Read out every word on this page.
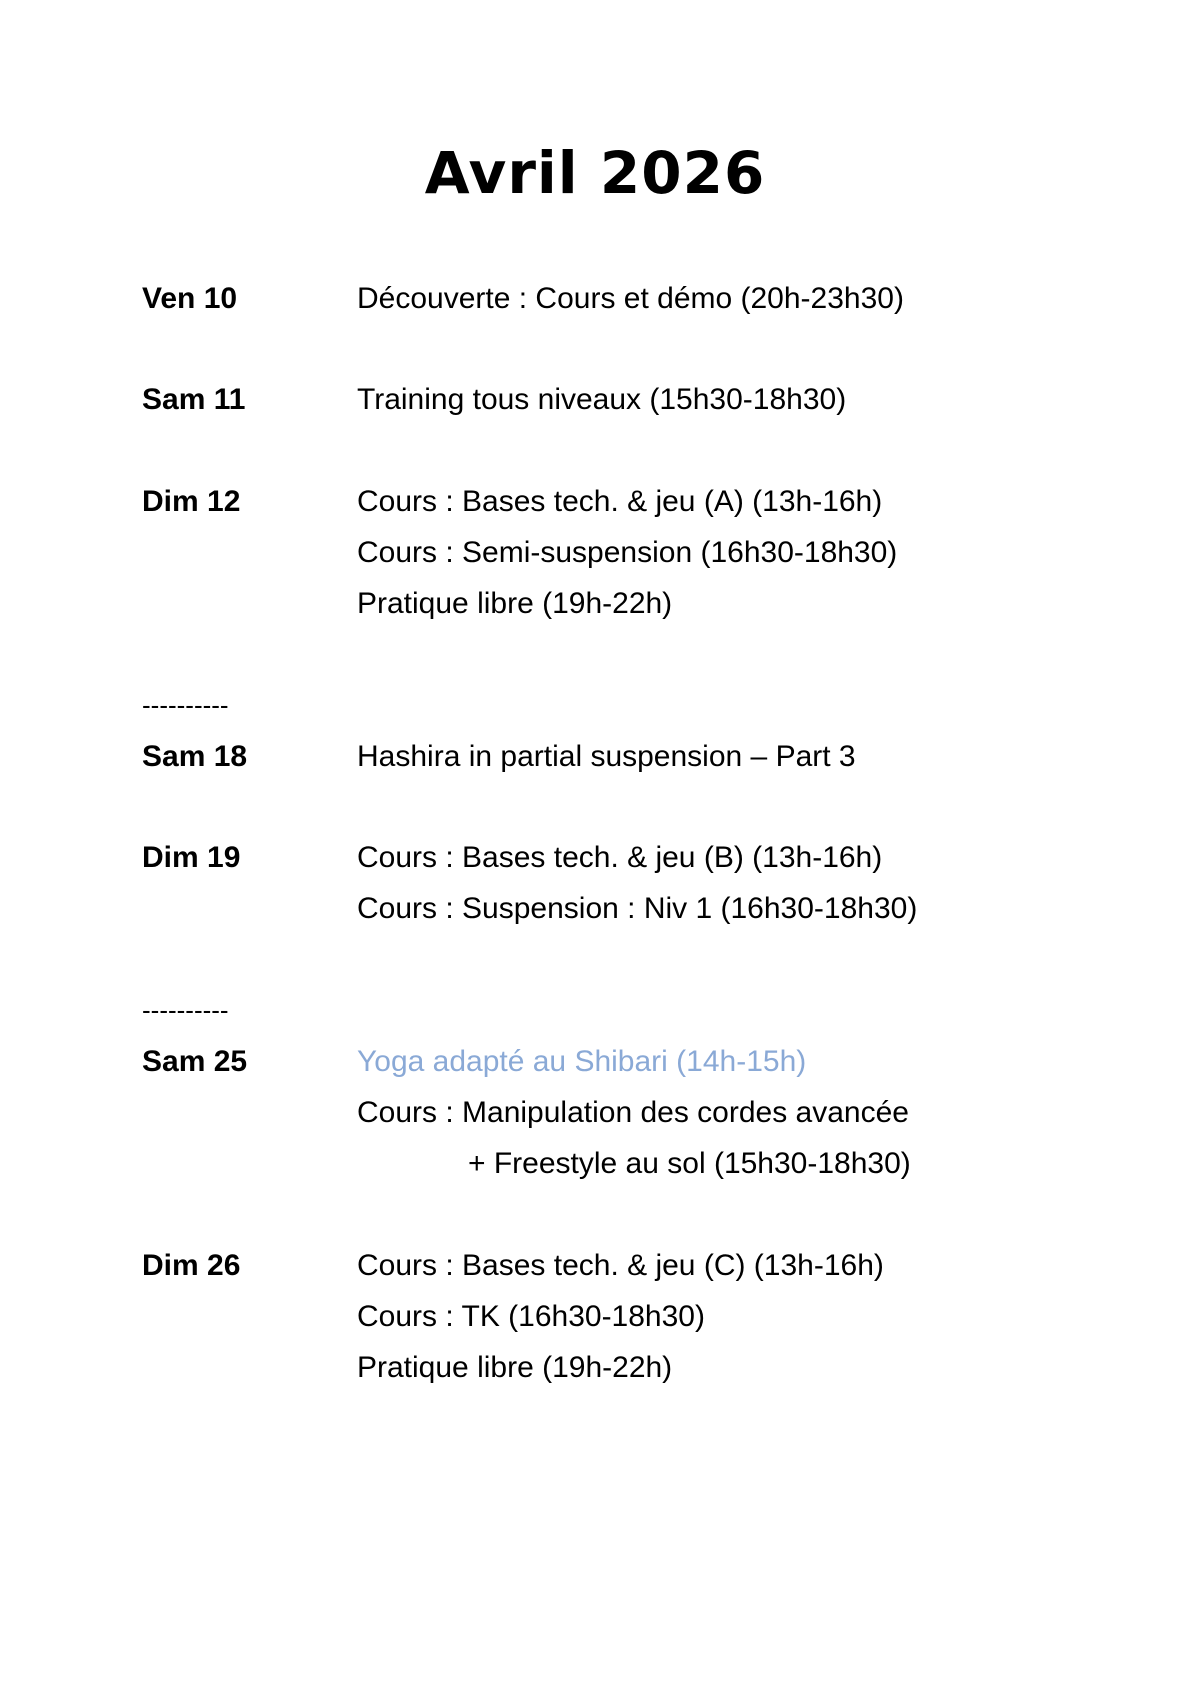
Avril 2026
Ven 10	Découverte : Cours et démo (20h-23h30)
Sam 11	Training tous niveaux (15h30-18h30)
Dim 12	Cours : Bases tech. & jeu (A) (13h-16h)
Cours : Semi-suspension (16h30-18h30)
Pratique libre (19h-22h)
----------
Sam 18	Hashira in partial suspension – Part 3
Dim 19	Cours : Bases tech. & jeu (B) (13h-16h)
Cours : Suspension : Niv 1 (16h30-18h30)
----------
Sam 25	Yoga adapté au Shibari (14h-15h)
Cours : Manipulation des cordes avancée
+ Freestyle au sol (15h30-18h30)
Dim 26	Cours : Bases tech. & jeu (C) (13h-16h)
Cours : TK (16h30-18h30)
Pratique libre (19h-22h)
